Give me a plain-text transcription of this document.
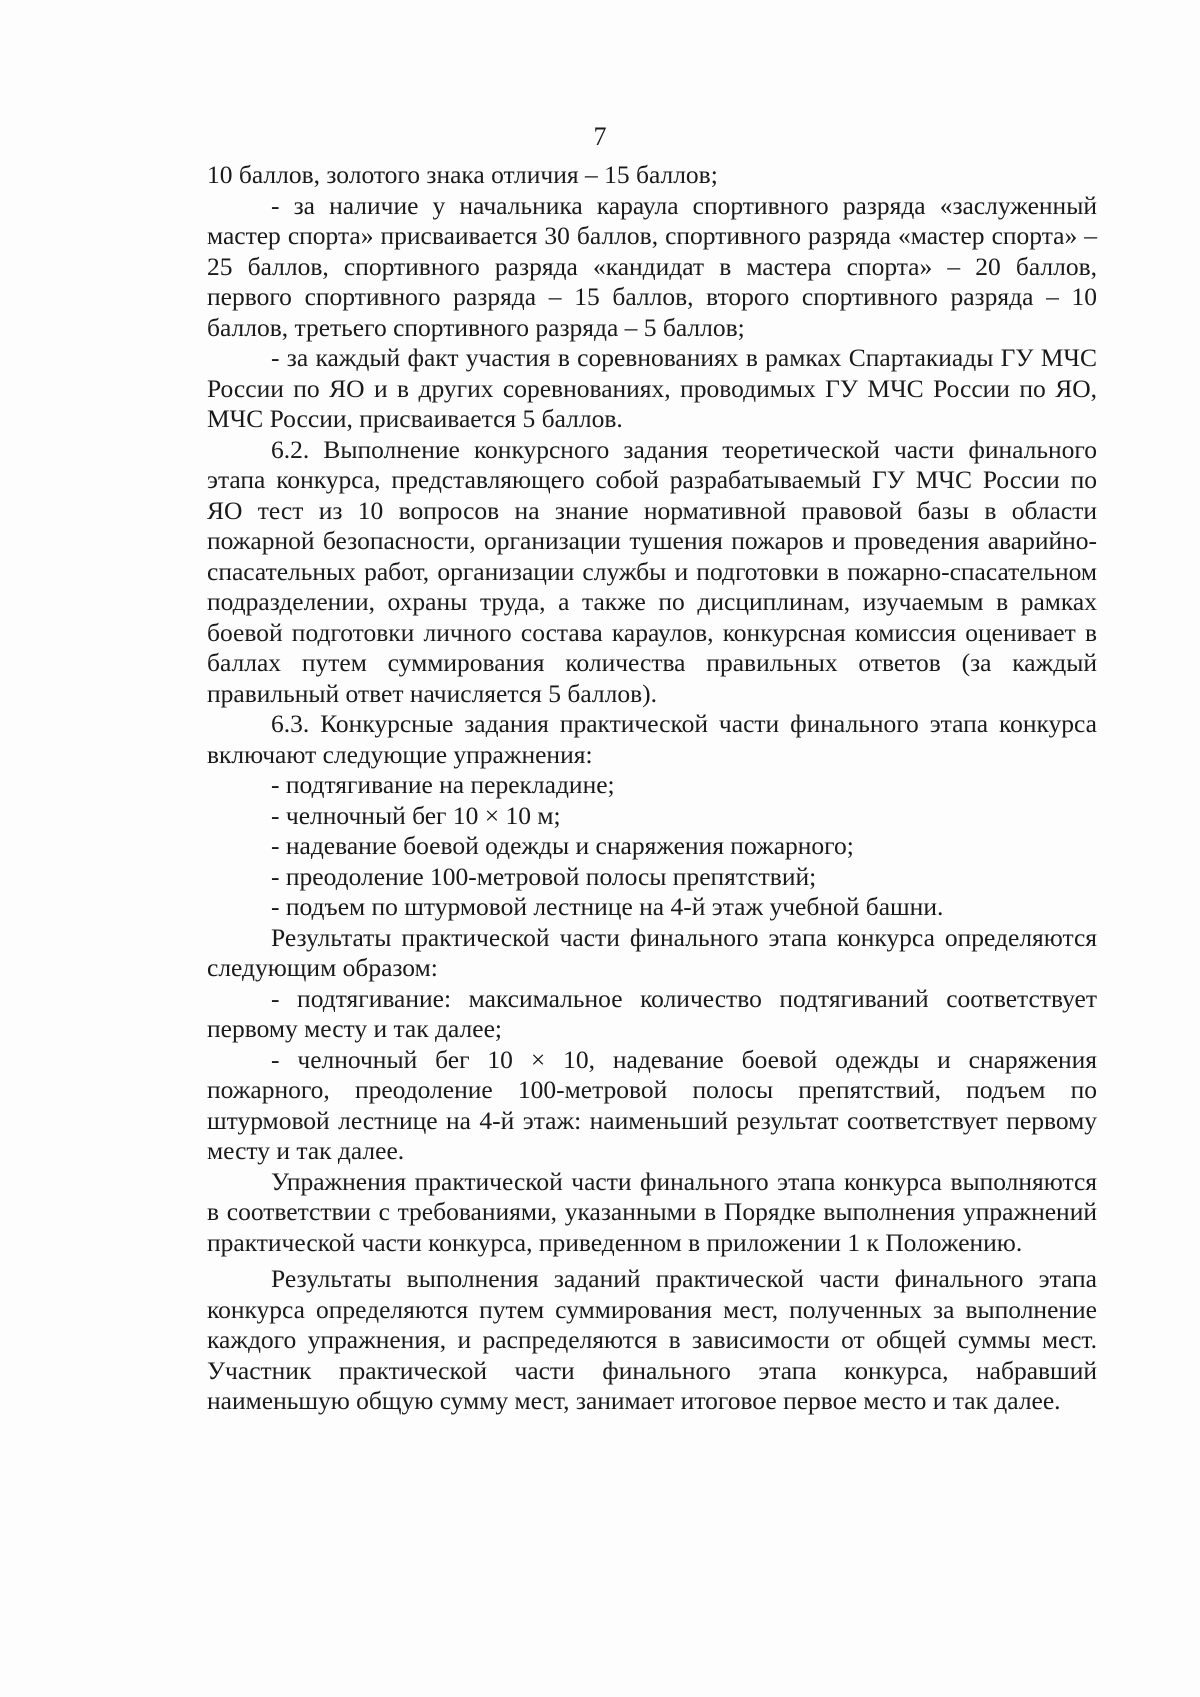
7

10 баллов, золотого знака отличия – 15 баллов;

- за наличие у начальника караула спортивного разряда «заслуженный мастер спорта» присваивается 30 баллов, спортивного разряда «мастер спорта» – 25 баллов, спортивного разряда «кандидат в мастера спорта» – 20 баллов, первого спортивного разряда – 15 баллов, второго спортивного разряда – 10 баллов, третьего спортивного разряда – 5 баллов;

- за каждый факт участия в соревнованиях в рамках Спартакиады ГУ МЧС России по ЯО и в других соревнованиях, проводимых ГУ МЧС России по ЯО, МЧС России, присваивается 5 баллов.

6.2. Выполнение конкурсного задания теоретической части финального этапа конкурса, представляющего собой разрабатываемый ГУ МЧС России по ЯО тест из 10 вопросов на знание нормативной правовой базы в области пожарной безопасности, организации тушения пожаров и проведения аварийно-спасательных работ, организации службы и подготовки в пожарно-спасательном подразделении, охраны труда, а также по дисциплинам, изучаемым в рамках боевой подготовки личного состава караулов, конкурсная комиссия оценивает в баллах путем суммирования количества правильных ответов (за каждый правильный ответ начисляется 5 баллов).

6.3. Конкурсные задания практической части финального этапа конкурса включают следующие упражнения:

- подтягивание на перекладине;

- челночный бег 10 × 10 м;

- надевание боевой одежды и снаряжения пожарного;

- преодоление 100-метровой полосы препятствий;

- подъем по штурмовой лестнице на 4-й этаж учебной башни.

Результаты практической части финального этапа конкурса определяются следующим образом:

- подтягивание: максимальное количество подтягиваний соответствует первому месту и так далее;

- челночный бег 10 × 10, надевание боевой одежды и снаряжения пожарного, преодоление 100-метровой полосы препятствий, подъем по штурмовой лестнице на 4-й этаж: наименьший результат соответствует первому месту и так далее.

Упражнения практической части финального этапа конкурса выполняются в соответствии с требованиями, указанными в Порядке выполнения упражнений практической части конкурса, приведенном в приложении 1 к Положению.

Результаты выполнения заданий практической части финального этапа конкурса определяются путем суммирования мест, полученных за выполнение каждого упражнения, и распределяются в зависимости от общей суммы мест. Участник практической части финального этапа конкурса, набравший наименьшую общую сумму мест, занимает итоговое первое место и так далее.
